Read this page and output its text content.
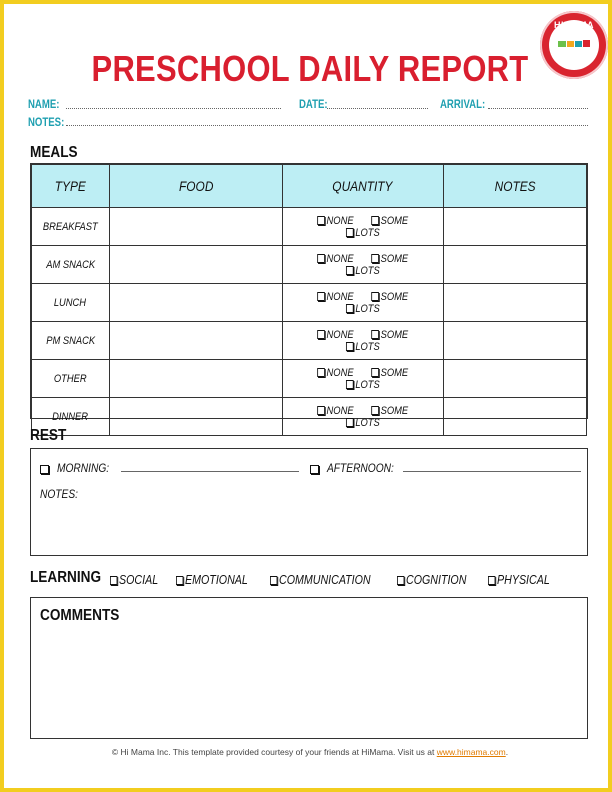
HIMAMA
PRESCHOOL DAILY REPORT
NAME:	DATE:	ARRIVAL:
NOTES:
MEALS
TYPE	FOOD	QUANTITY	NOTES
BREAKFAST		NONE SOMELOTS	
AM SNACK		NONE SOMELOTS	
LUNCH		NONE SOMELOTS	
PM SNACK		NONE SOMELOTS	
OTHER		NONE SOMELOTS	
DINNER		NONE SOMELOTS	
REST
MORNING:	AFTERNOON:
NOTES:
LEARNING	SOCIAL	EMOTIONAL	COMMUNICATION	COGNITION	PHYSICAL
COMMENTS
© Hi Mama Inc. This template provided courtesy of your friends at HiMama. Visit us at www.himama.com.
